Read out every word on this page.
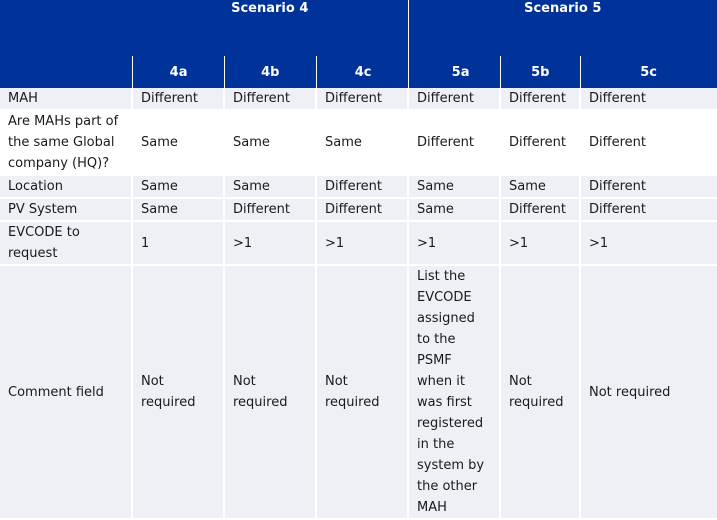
	Scenario 4			Scenario 5		
	4a	4b	4c	5a	5b	5c
MAH	Different	Different	Different	Different	Different	Different
Are MAHs part of the same Global company (HQ)?	Same	Same	Same	Different	Different	Different
Location	Same	Same	Different	Same	Same	Different
PV System	Same	Different	Different	Same	Different	Different
EVCODE to request	1	>1	>1	>1	>1	>1
Comment field	Not required	Not required	Not required	List the EVCODE assigned to the PSMF when it was first registered in the system by the other MAH	Not required	Not required
